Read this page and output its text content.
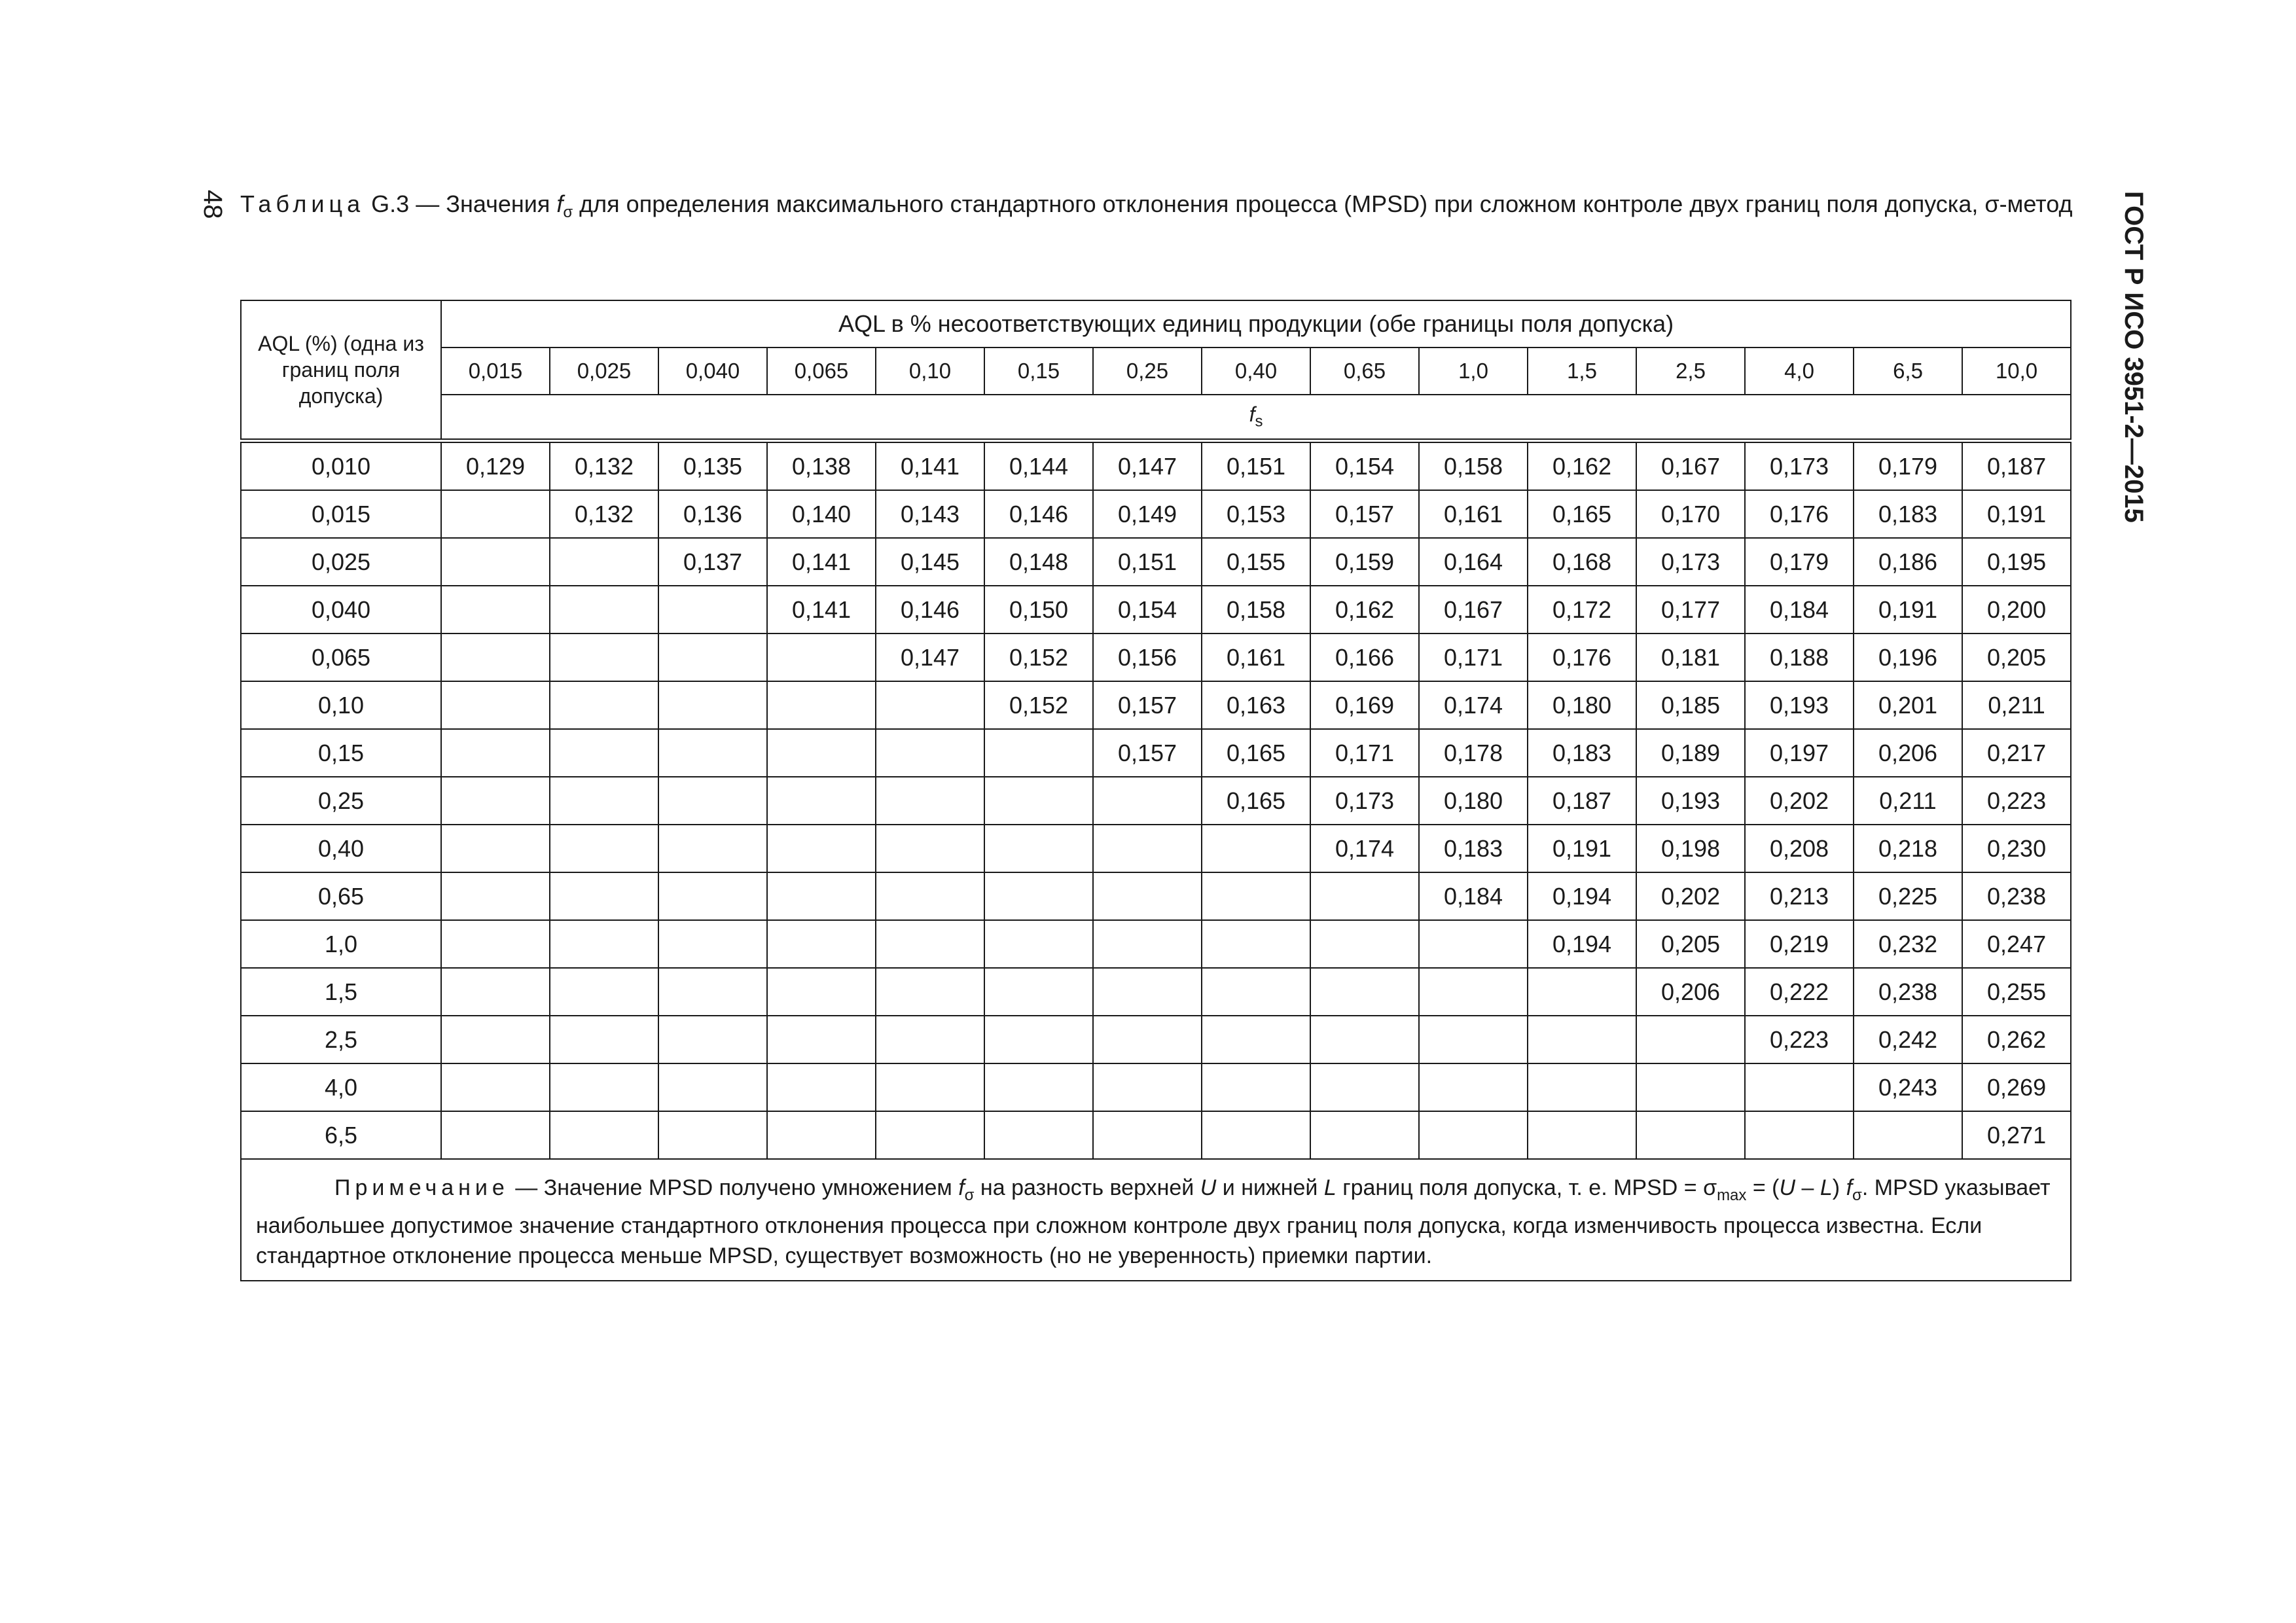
48	ГОСТ Р ИСО 3951-2—2015
Таблица G.3 — Значения $f_\sigma$ для определения максимального стандартного отклонения процесса (MPSD) при сложном контроле двух границ поля допуска, σ-метод
AQL (%) (одна из границ поля допуска)	AQL в % несоответствующих единиц продукции (обе границы поля допуска)														
	0,015	0,025	0,040	0,065	0,10	0,15	0,25	0,40	0,65	1,0	1,5	2,5	4,0	6,5	10,0
	$f_s$
0,010	0,129	0,132	0,135	0,138	0,141	0,144	0,147	0,151	0,154	0,158	0,162	0,167	0,173	0,179	0,187
0,015		0,132	0,136	0,140	0,143	0,146	0,149	0,153	0,157	0,161	0,165	0,170	0,176	0,183	0,191
0,025			0,137	0,141	0,145	0,148	0,151	0,155	0,159	0,164	0,168	0,173	0,179	0,186	0,195
0,040				0,141	0,146	0,150	0,154	0,158	0,162	0,167	0,172	0,177	0,184	0,191	0,200
0,065					0,147	0,152	0,156	0,161	0,166	0,171	0,176	0,181	0,188	0,196	0,205
0,10						0,152	0,157	0,163	0,169	0,174	0,180	0,185	0,193	0,201	0,211
0,15							0,157	0,165	0,171	0,178	0,183	0,189	0,197	0,206	0,217
0,25								0,165	0,173	0,180	0,187	0,193	0,202	0,211	0,223
0,40									0,174	0,183	0,191	0,198	0,208	0,218	0,230
0,65										0,184	0,194	0,202	0,213	0,225	0,238
1,0											0,194	0,205	0,219	0,232	0,247
1,5												0,206	0,222	0,238	0,255
2,5													0,223	0,242	0,262
4,0														0,243	0,269
6,5															0,271
Примечание — Значение MPSD получено умножением $f_\sigma$ на разность верхней U и нижней L границ поля допуска, т. е. MPSD = $\sigma_{max} = (U - L)$ $f_\sigma$. MPSD указывает наибольшее допустимое значение стандартного отклонения процесса при сложном контроле двух границ поля допуска, когда изменчивость процесса известна. Если стандартное отклонение процесса меньше MPSD, существует возможность (но не уверенность) приемки партии.															
